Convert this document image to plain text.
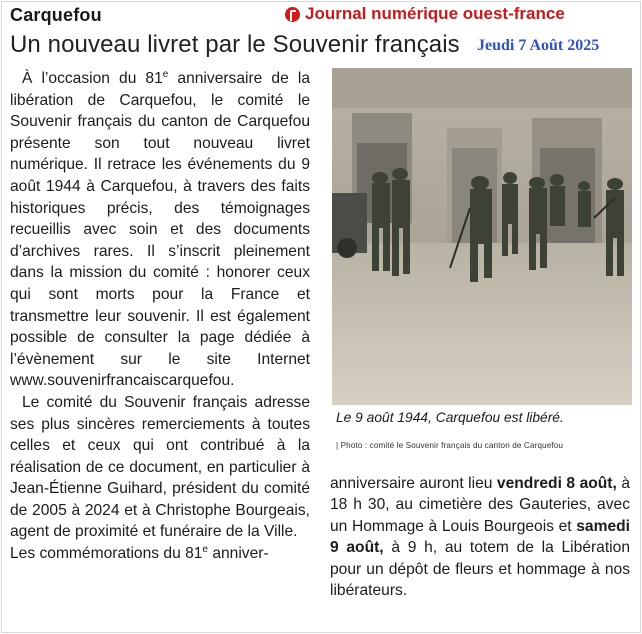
Carquefou	Journal numérique ouest-france
Un nouveau livret par le Souvenir français Jeudi 7 Août 2025

À l’occasion du 81e anniversaire de la libération de Carquefou, le comité le Souvenir français du canton de Carquefou présente son tout nouveau livret numérique. Il retrace les événements du 9 août 1944 à Carquefou, à travers des faits historiques précis, des témoignages recueillis avec soin et des documents d’archives rares. Il s’inscrit pleinement dans la mission du comité : honorer ceux qui sont morts pour la France et transmettre leur souvenir. Il est également possible de consulter la page dédiée à l’évènement sur le site Internet www.souvenirfrancaiscarquefou.

Le comité du Souvenir français adresse ses plus sincères remerciements à toutes celles et ceux qui ont contribué à la réalisation de ce document, en particulier à Jean-Étienne Guihard, président du comité de 2005 à 2024 et à Christophe Bourgeais, agent de proximité et funéraire de la Ville.

Les commémorations du 81e anniver-

Le 9 août 1944, Carquefou est libéré.
| Photo : comité le Souvenir français du canton de Carquefou
anniversaire auront lieu vendredi 8 août, à 18 h 30, au cimetière des Gauteries, avec un Hommage à Louis Bourgeois et samedi 9 août, à 9 h, au totem de la Libération pour un dépôt de fleurs et hommage à nos libérateurs.
